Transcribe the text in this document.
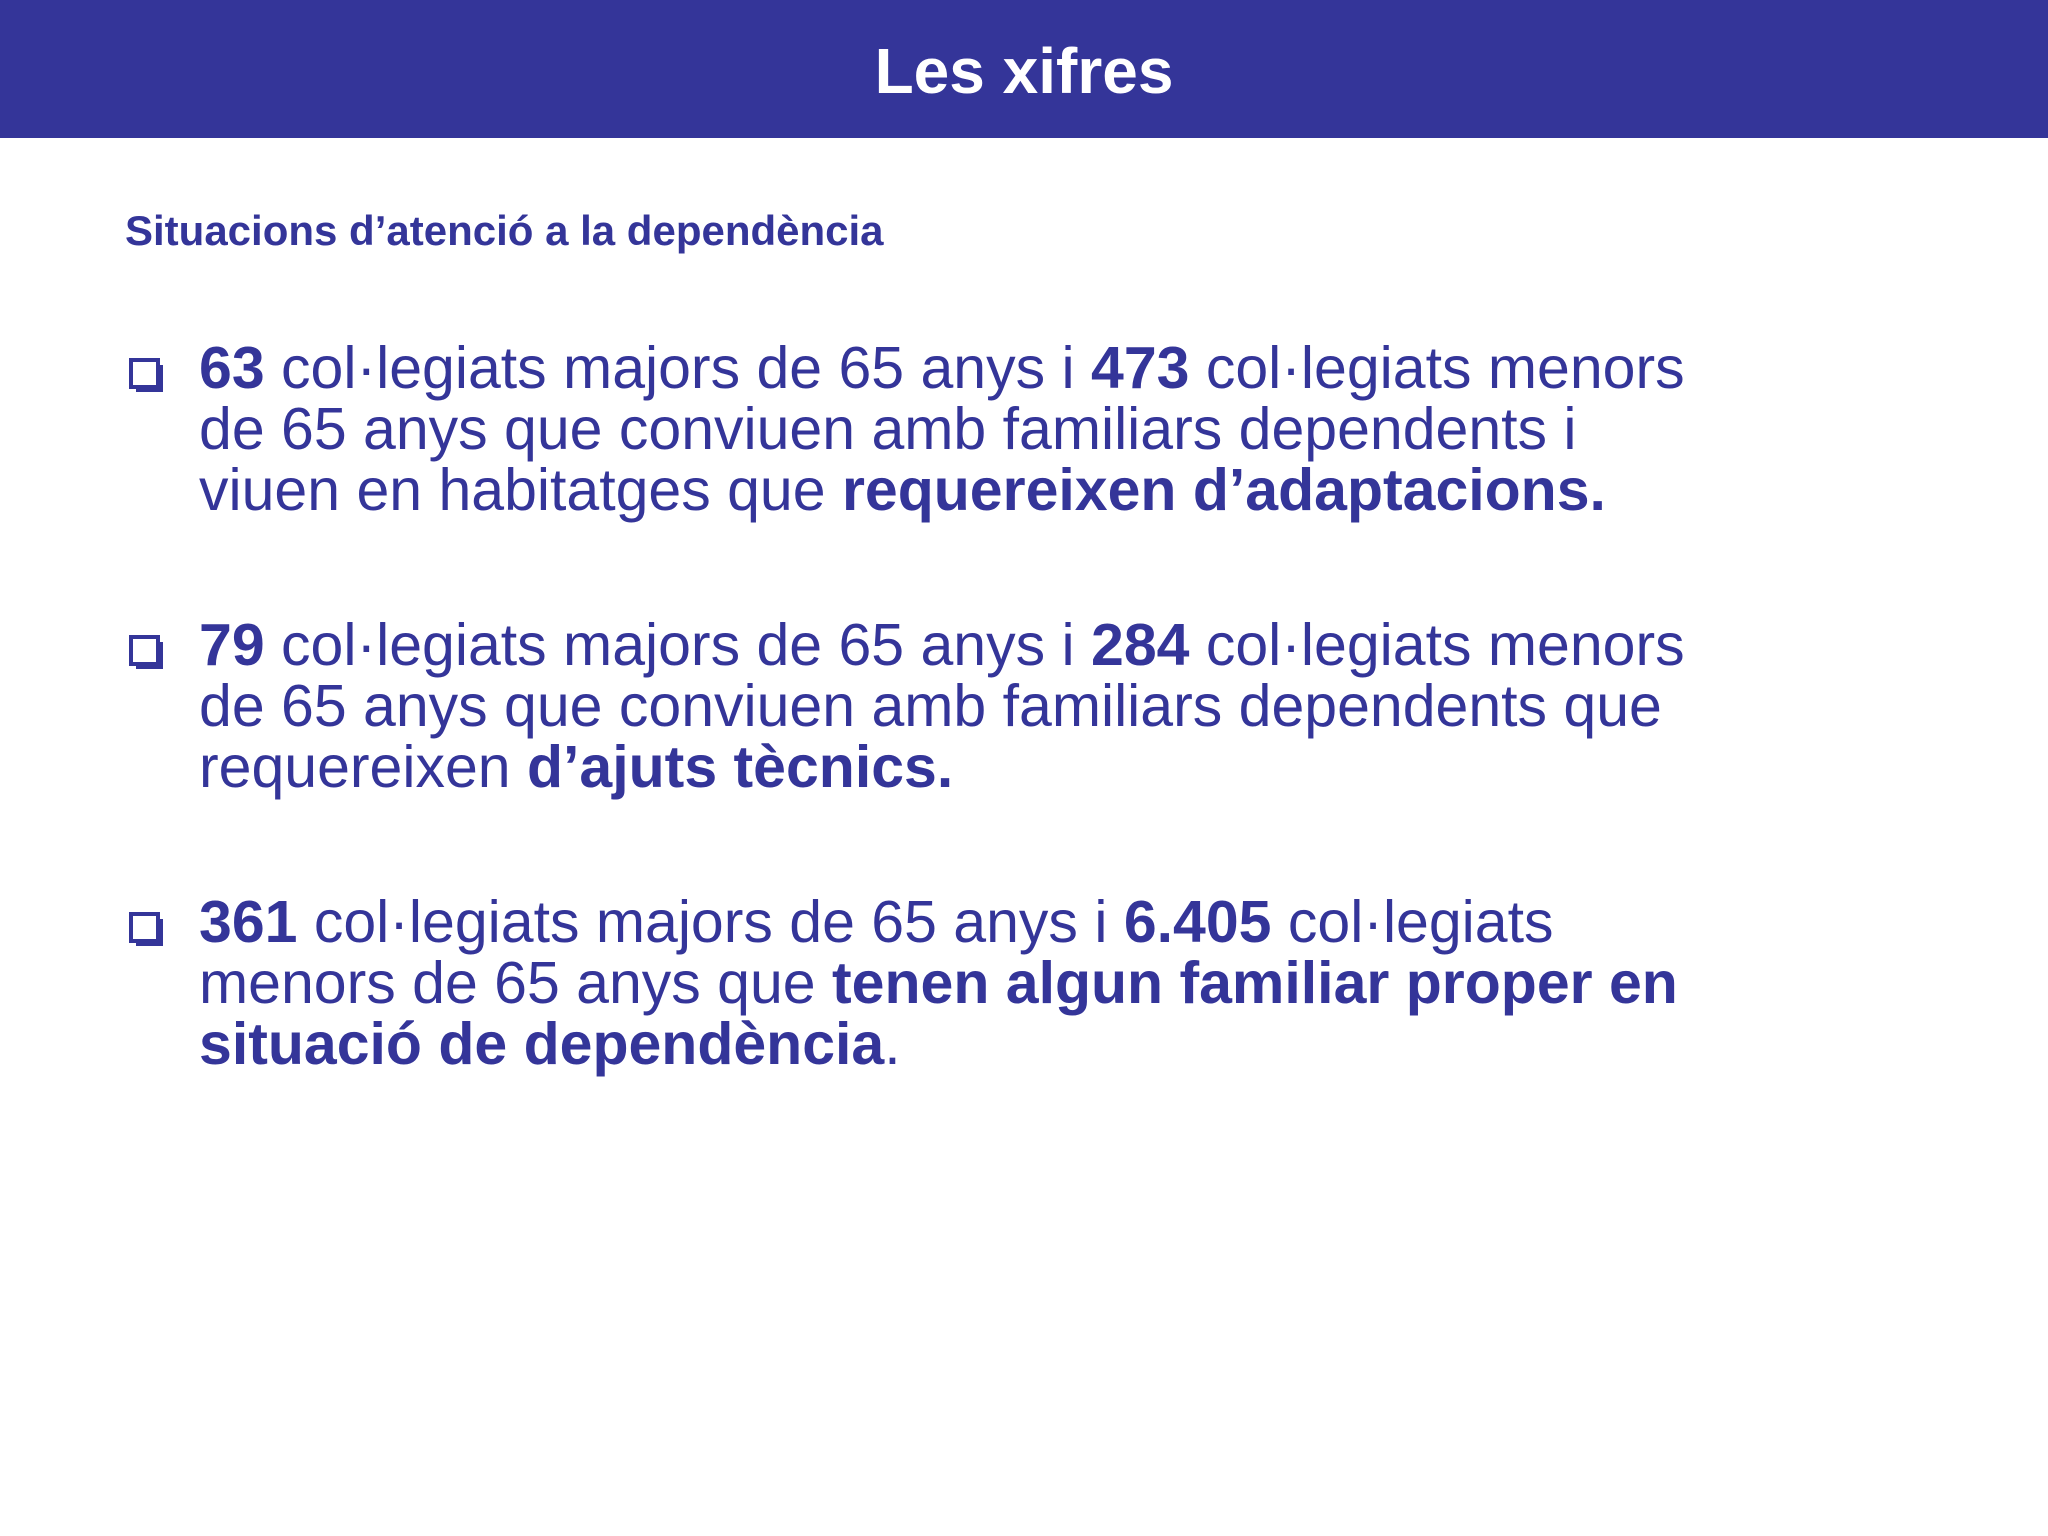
Les xifres
Situacions d’atenció a la dependència
63 col·legiats majors de 65 anys i 473 col·legiats menors
de 65 anys que conviuen amb familiars dependents i
viuen en habitatges que requereixen d’adaptacions.
79 col·legiats majors de 65 anys i 284 col·legiats menors
de 65 anys que conviuen amb familiars dependents que
requereixen d’ajuts tècnics.
361 col·legiats majors de 65 anys i 6.405 col·legiats
menors de 65 anys que tenen algun familiar proper en
situació de dependència.
